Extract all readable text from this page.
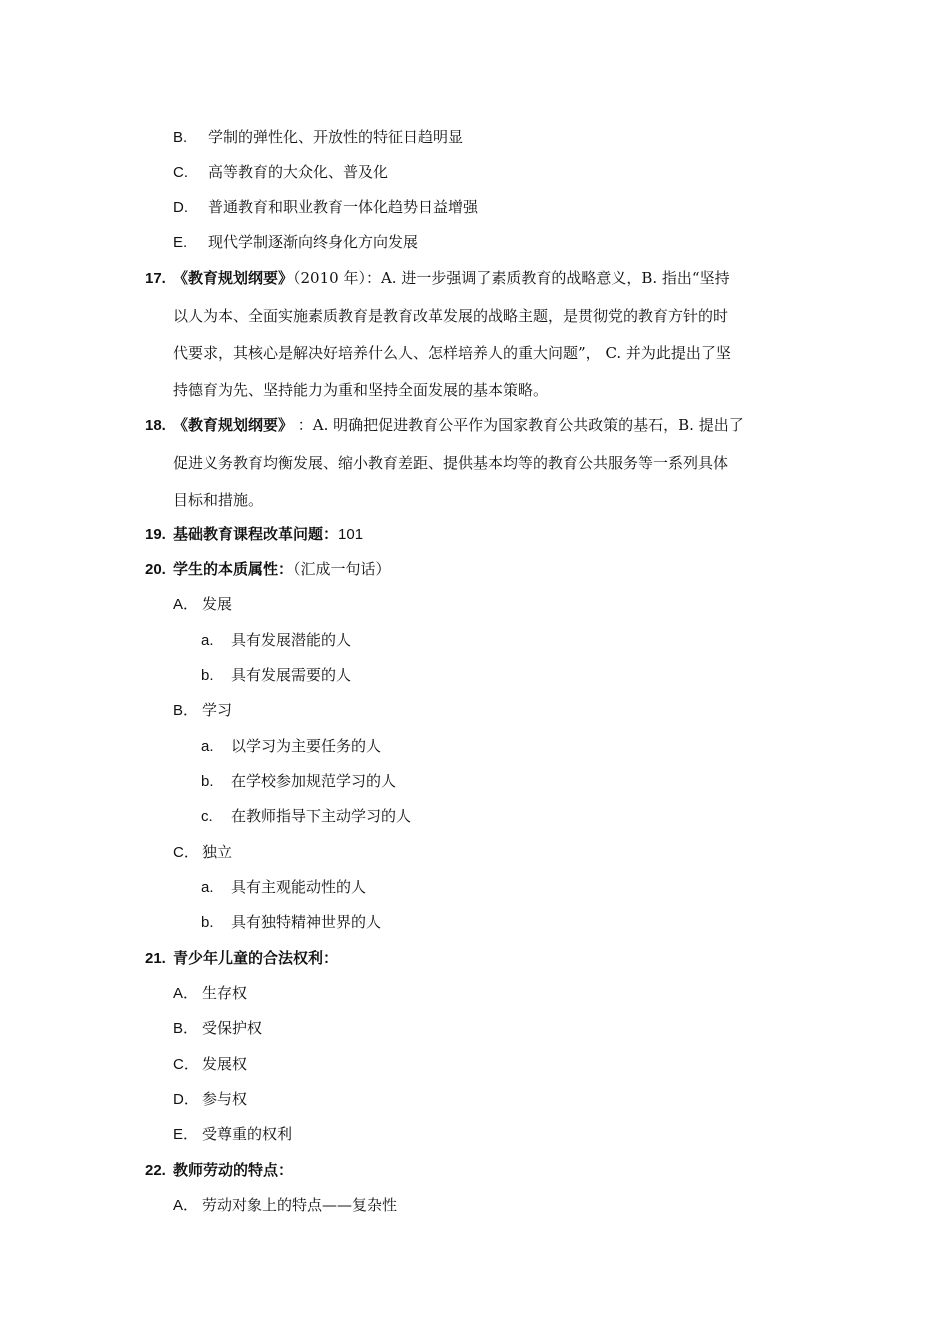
B. 学制的弹性化、开放性的特征日趋明显
C. 高等教育的大众化、普及化
D. 普通教育和职业教育一体化趋势日益增强
E. 现代学制逐渐向终身化方向发展
17. 《教育规划纲要》（2010 年）：A. 进一步强调了素质教育的战略意义，B. 指出“坚持
以人为本、全面实施素质教育是教育改革发展的战略主题，是贯彻党的教育方针的时
代要求，其核心是解决好培养什么人、怎样培养人的重大问题”， C. 并为此提出了坚
持德育为先、坚持能力为重和坚持全面发展的基本策略。
18. 《教育规划纲要》 ：A. 明确把促进教育公平作为国家教育公共政策的基石，B. 提出了
促进义务教育均衡发展、缩小教育差距、提供基本均等的教育公共服务等一系列具体
目标和措施。
19. 基础教育课程改革问题：101
20. 学生的本质属性：（汇成一句话）
A． 发展
a. 具有发展潜能的人
b. 具有发展需要的人
B． 学习
a. 以学习为主要任务的人
b. 在学校参加规范学习的人
c. 在教师指导下主动学习的人
C． 独立
a. 具有主观能动性的人
b. 具有独特精神世界的人
21. 青少年儿童的合法权利：
A． 生存权
B． 受保护权
C． 发展权
D． 参与权
E． 受尊重的权利
22. 教师劳动的特点：
A． 劳动对象上的特点——复杂性
